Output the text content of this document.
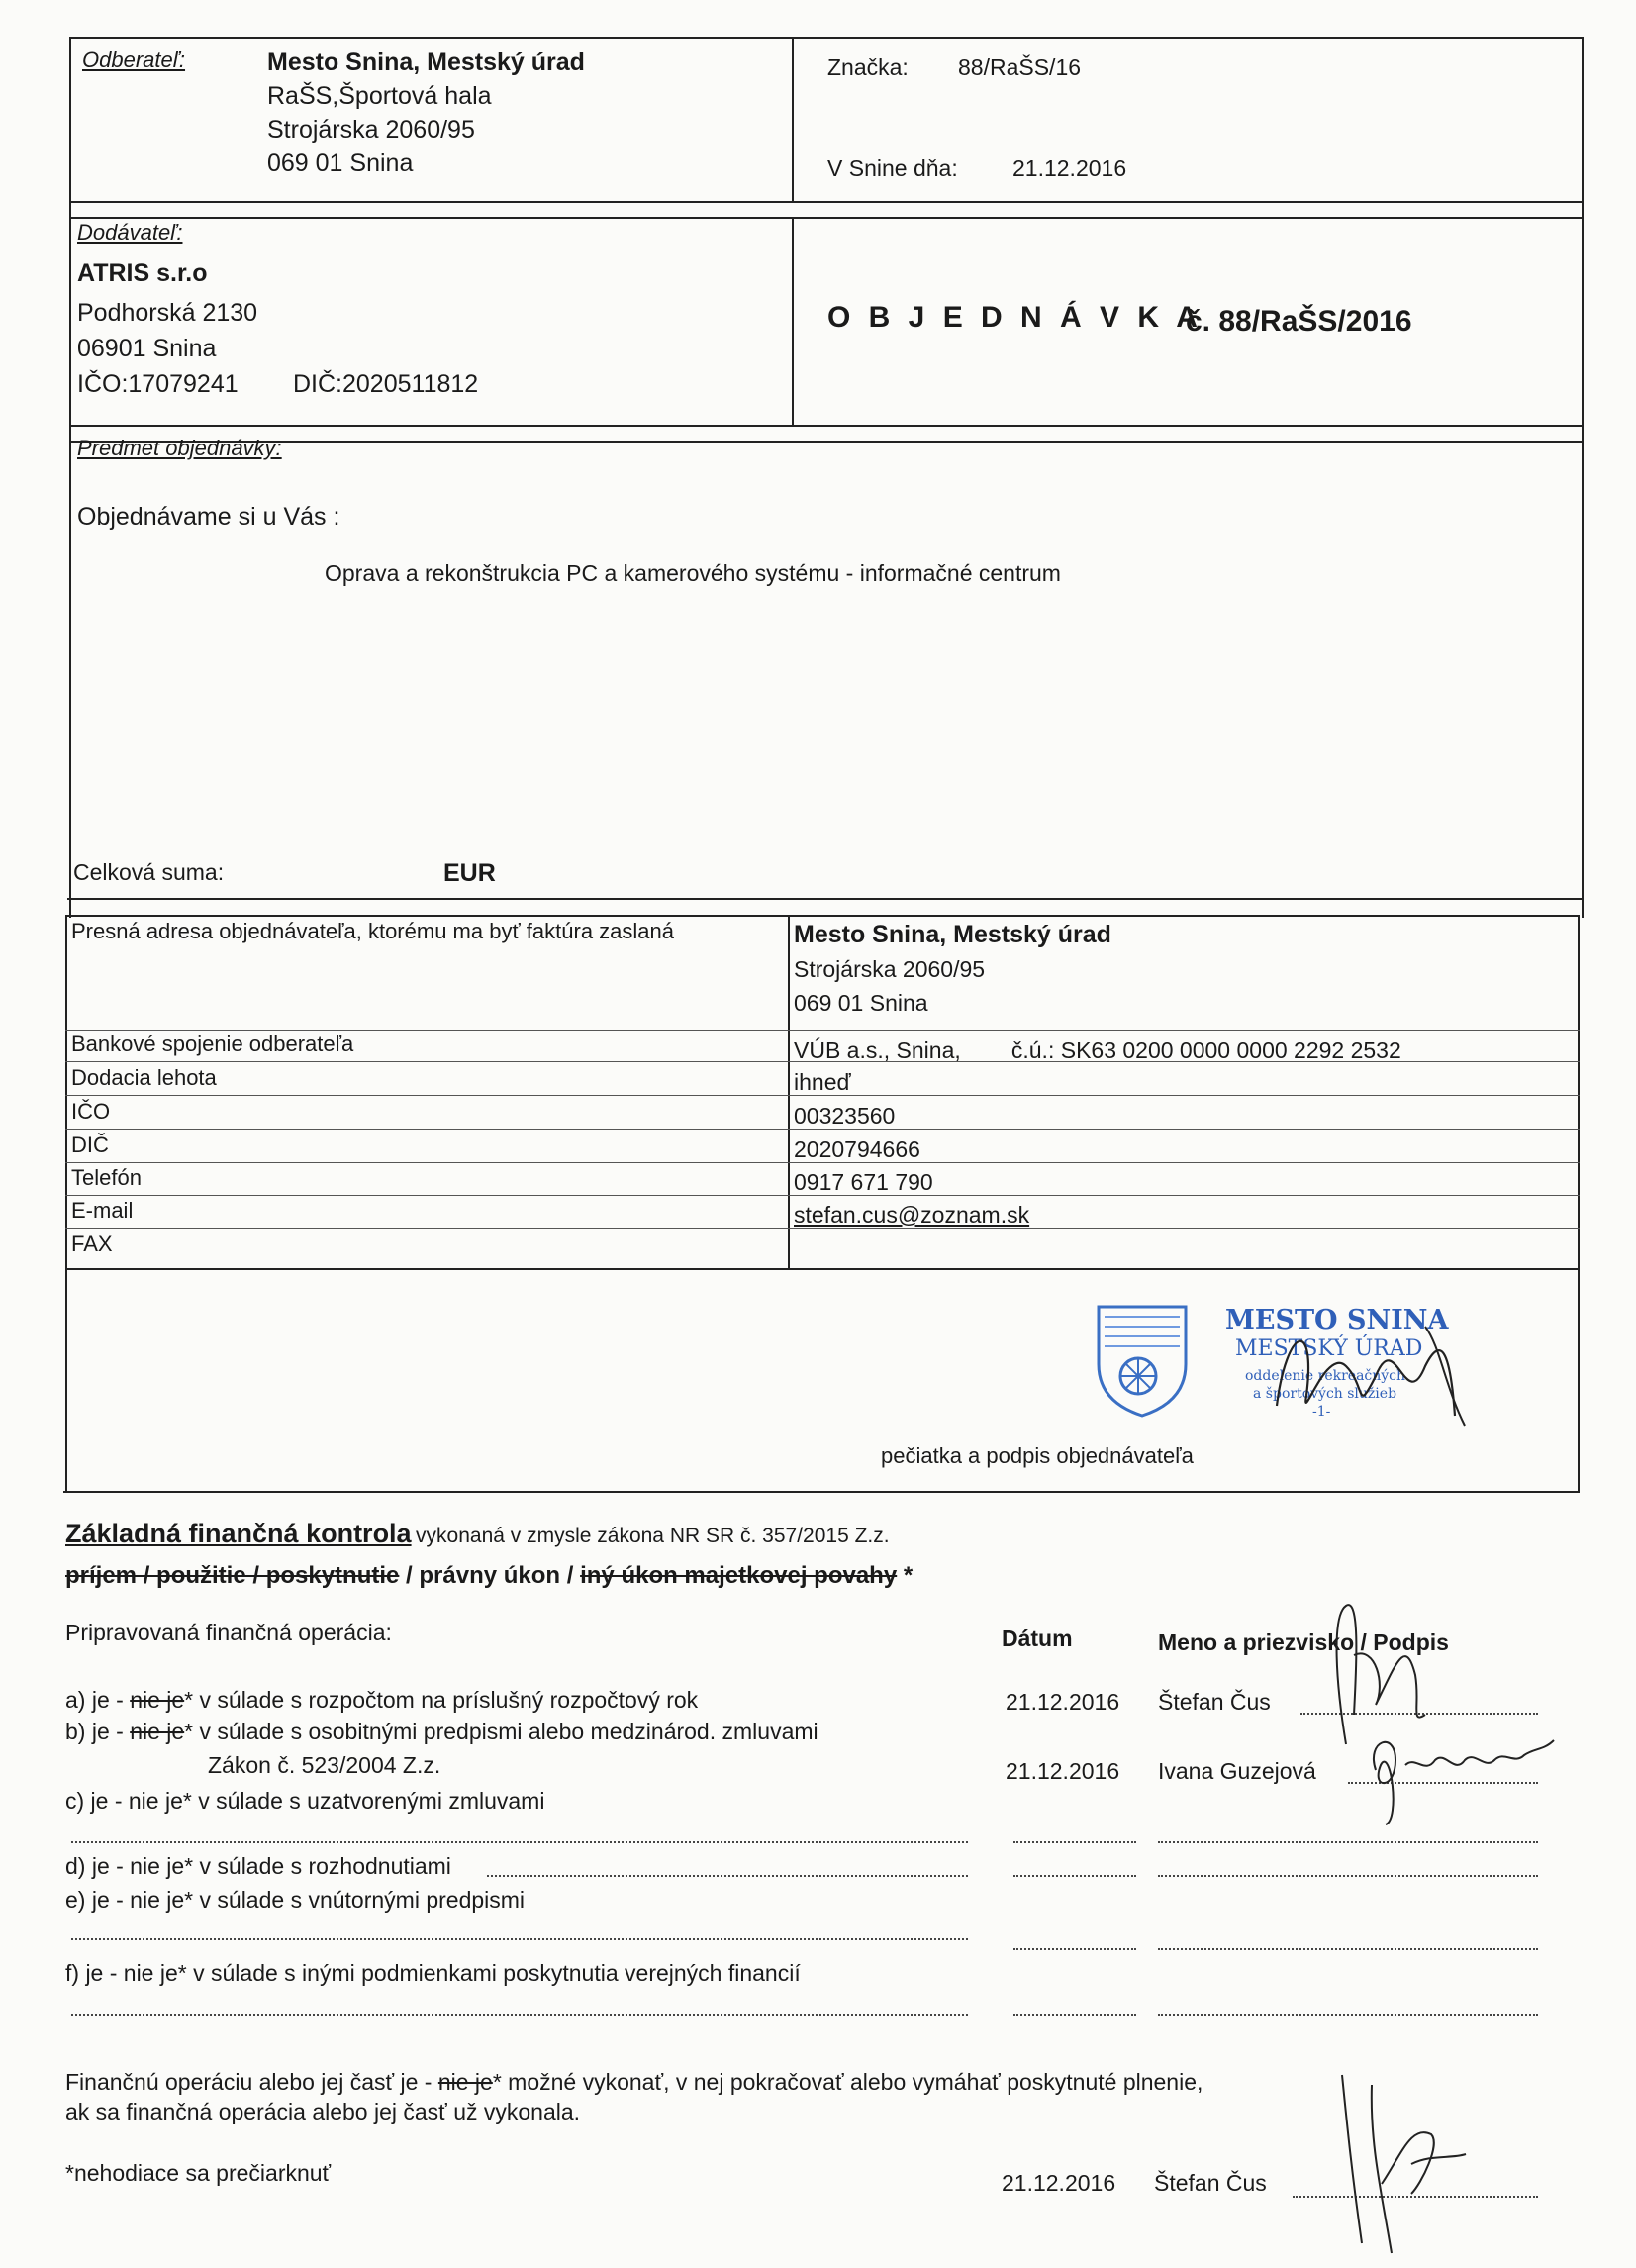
Odberateľ:	Mesto Snina, Mestský úrad
RaŠS,Športová hala
Strojárska 2060/95
069 01 Snina
Značka: 88/RaŠS/16
V Snine dňa: 21.12.2016
Dodávateľ:
ATRIS s.r.o
Podhorská 2130
06901 Snina
IČO:17079241 DIČ:2020511812
O B J E D N Á V K A
č. 88/RaŠS/2016
Predmet objednávky:
Objednávame si u Vás :
Oprava a rekonštrukcia PC a kamerového systému - informačné centrum
Celková suma:	EUR
Presná adresa objednávateľa, ktorému ma byť faktúra zaslaná	Mesto Snina, Mestský úrad
Strojárska 2060/95
069 01 Snina
Bankové spojenie odberateľa	VÚB a.s., Snina,        č.ú.: SK63 0200 0000 0000 2292 2532
Dodacia lehota	ihneď
IČO	00323560
DIČ	2020794666
Telefón	0917 671 790
E-mail	stefan.cus@zoznam.sk
FAX
MESTO SNINA
MESTSKÝ ÚRAD
oddelenie rekreačných
a športových služieb
-1-
pečiatka a podpis objednávateľa
Základná finančná kontrola vykonaná v zmysle zákona NR SR č. 357/2015 Z.z.
príjem / použitie / poskytnutie / právny úkon / iný úkon majetkovej povahy *
Pripravovaná finančná operácia:	Dátum	Meno a priezvisko / Podpis
a) je - nie je* v súlade s rozpočtom na príslušný rozpočtový rok	21.12.2016 Štefan Čus
b) je - nie je* v súlade s osobitnými predpismi alebo medzinárod. zmluvami
Zákon č. 523/2004 Z.z.	21.12.2016 Ivana Guzejová
c) je - nie je* v súlade s uzatvorenými zmluvami
d) je - nie je* v súlade s rozhodnutiami
e) je - nie je* v súlade s vnútornými predpismi
f) je - nie je* v súlade s inými podmienkami poskytnutia verejných financií
Finančnú operáciu alebo jej časť je - nie je* možné vykonať, v nej pokračovať alebo vymáhať poskytnuté plnenie,
ak sa finančná operácia alebo jej časť už vykonala.
*nehodiace sa prečiarknuť	21.12.2016 Štefan Čus
